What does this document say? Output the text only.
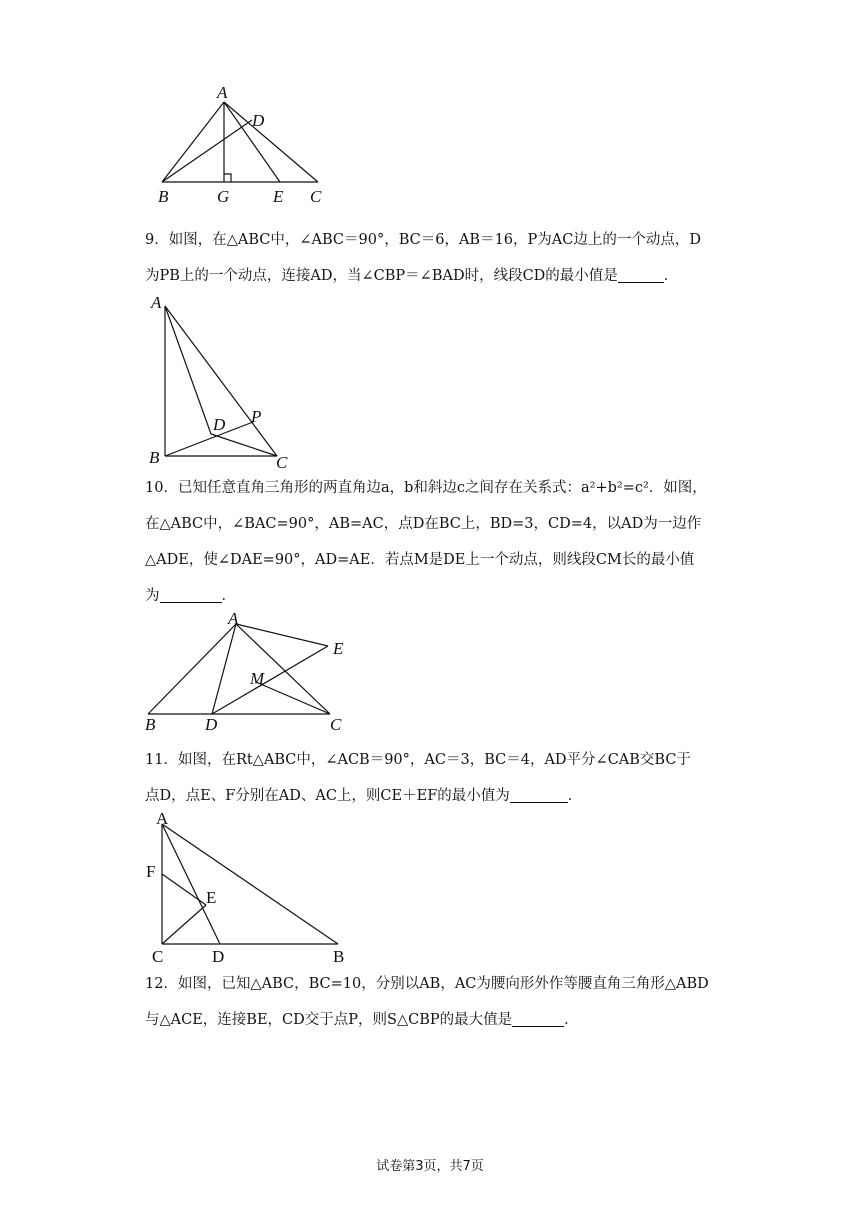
A
D
B	G	E C
9．如图，在△ABC中，∠ABC＝90°，BC＝6，AB＝16，P为AC边上的一个动点，D
为PB上的一个动点，连接AD，当∠CBP＝∠BAD时，线段CD的最小值是	．
A
D P
B	C
10．已知任意直角三角形的两直角边a，b和斜边c之间存在关系式：a²+b²=c²．如图，
在△ABC中，∠BAC=90°，AB=AC，点D在BC上，BD=3，CD=4，以AD为一边作
△ADE，使∠DAE=90°，AD=AE．若点M是DE上一个动点，则线段CM长的最小值
为	．
A
E
M
B	D	C
11．如图，在Rt△ABC中，∠ACB＝90°，AC＝3，BC＝4，AD平分∠CAB交BC于
点D，点E、F分别在AD、AC上，则CE＋EF的最小值为	．
A
F
E
C	D	B
12．如图，已知△ABC，BC=10，分别以AB，AC为腰向形外作等腰直角三角形△ABD
与△ACE，连接BE，CD交于点P，则S△CBP的最大值是	．
试卷第3页，共7页
